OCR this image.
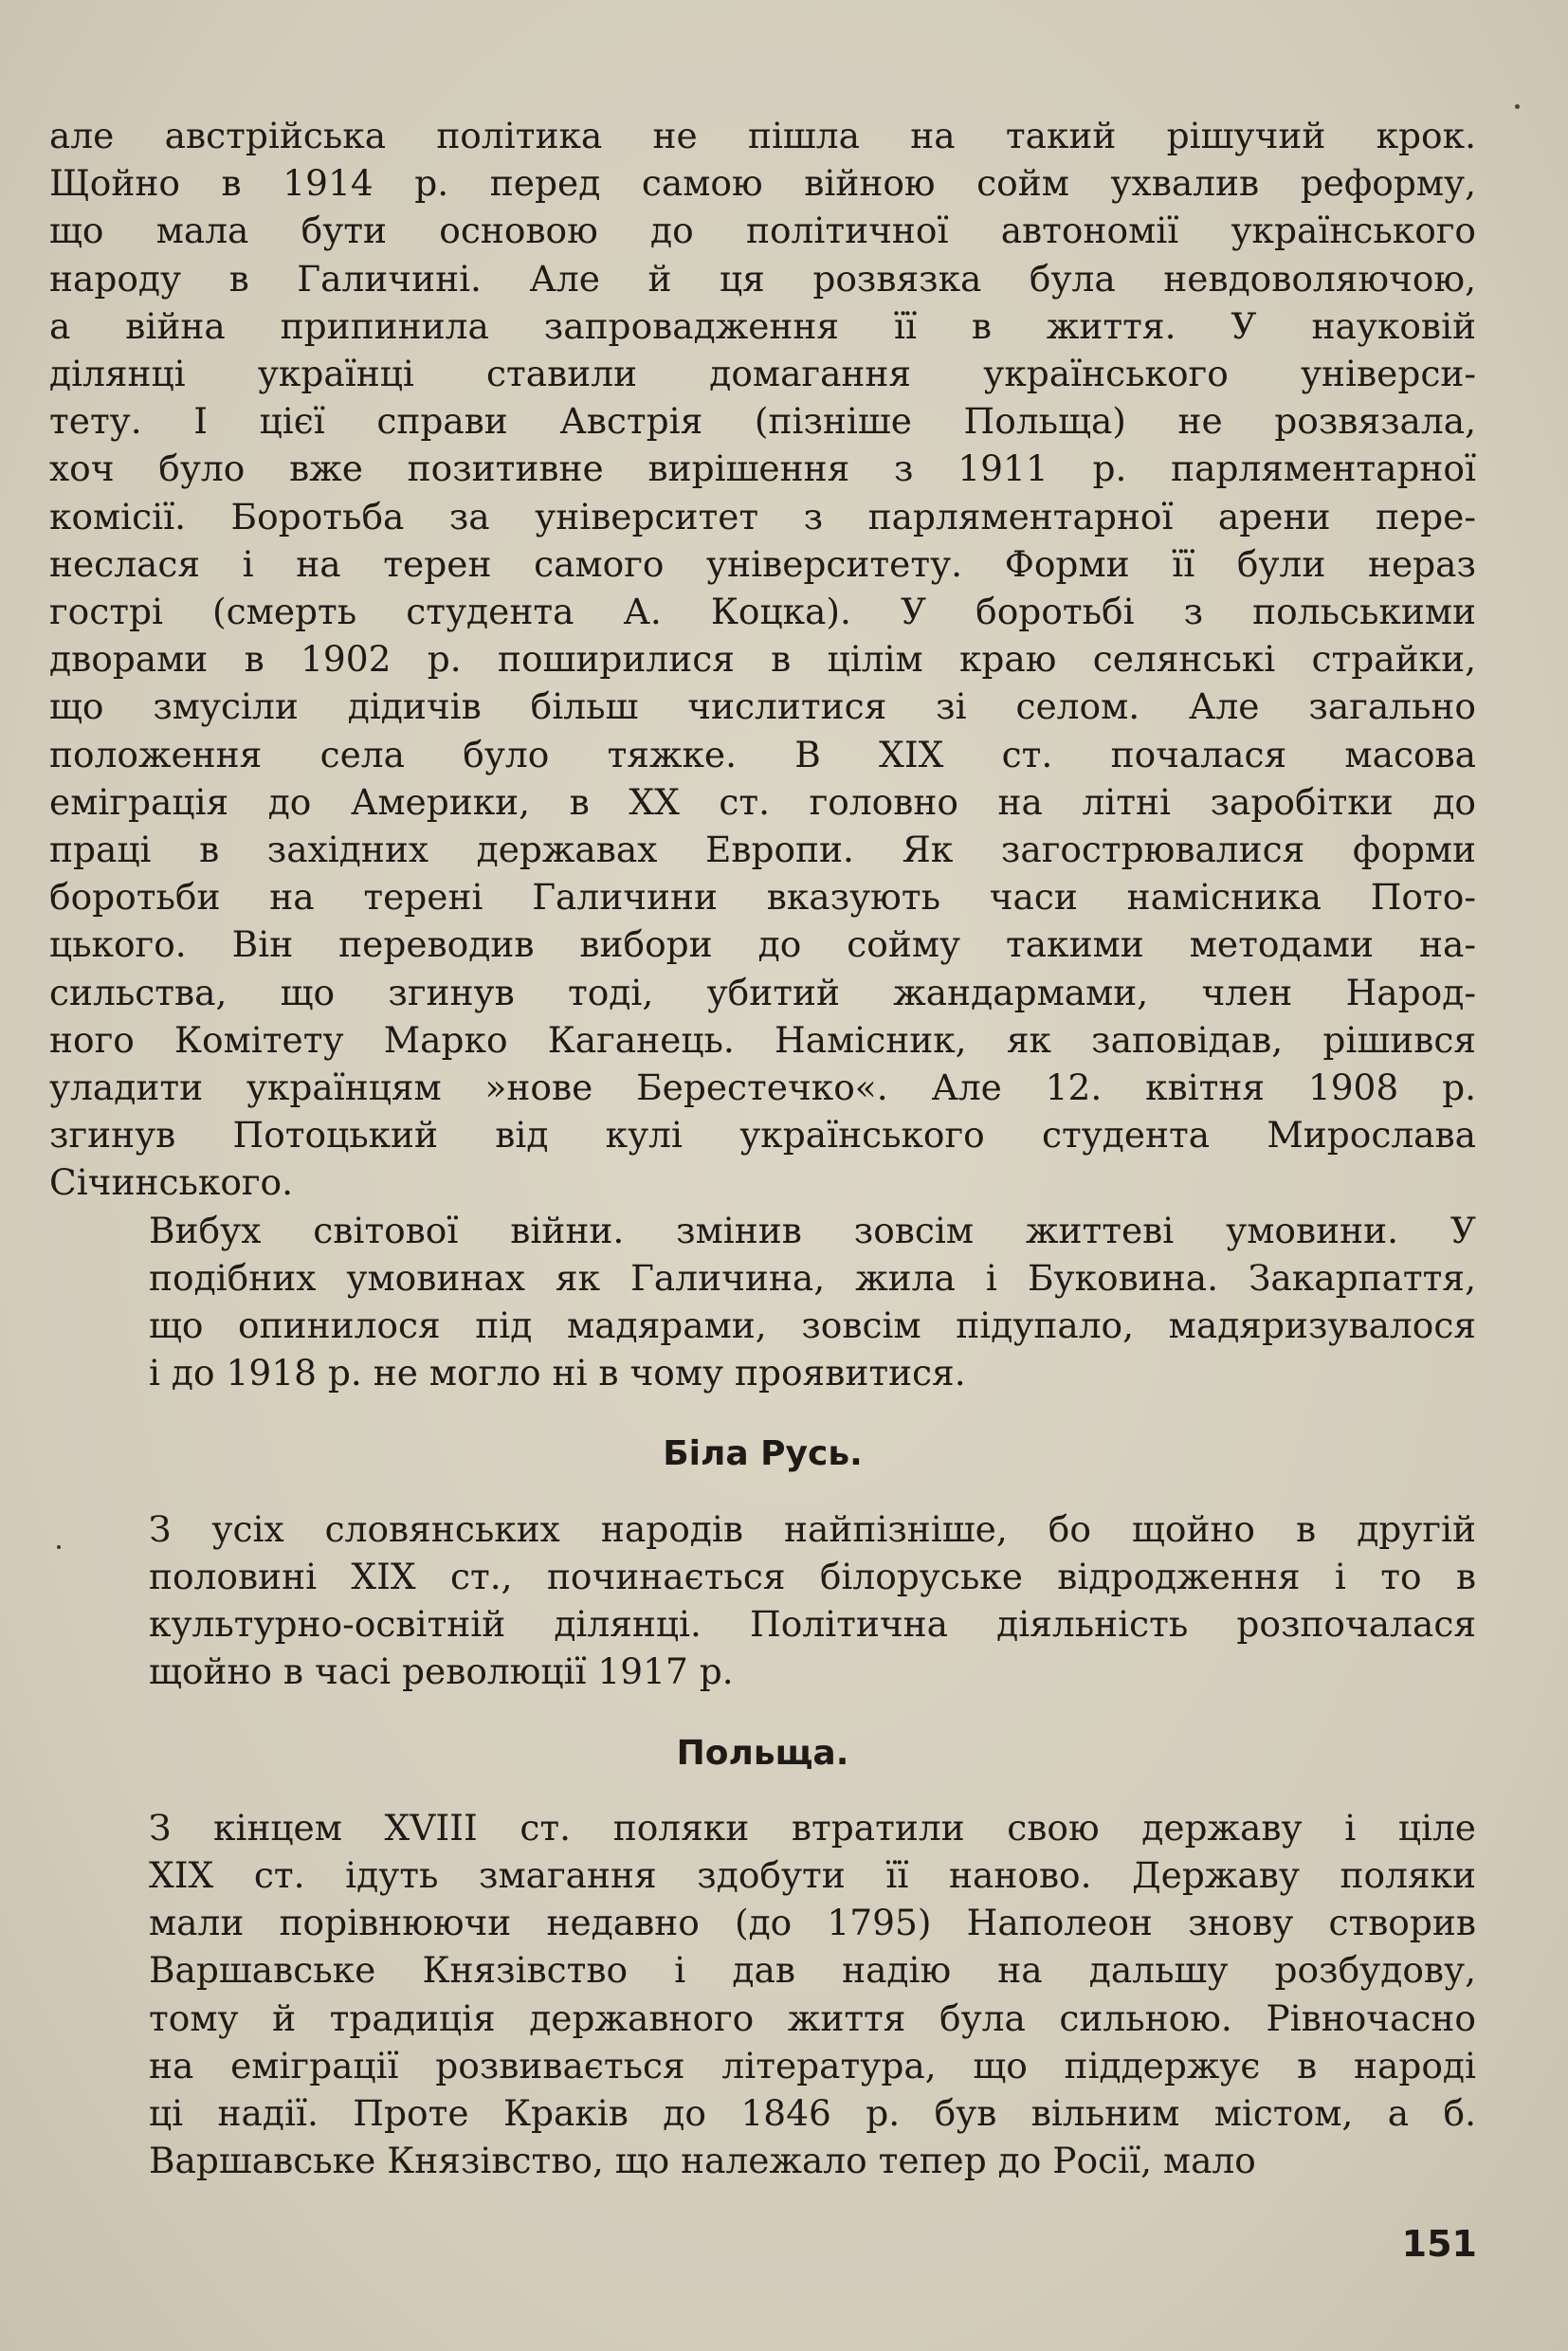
але австрійська політика не пішла на такий рішучий крок.
Щойно в 1914 р. перед самою війною сойм ухвалив реформу,
що мала бути основою до політичної автономії українського
народу в Галичині. Але й ця розвязка була невдоволяючою,
а війна припинила запровадження її в життя. У науковій
ділянці українці ставили домагання українського універси-
тету. І цієї справи Австрія (пізніше Польща) не розвязала,
хоч було вже позитивне вирішення з 1911 р. парляментарної
комісії. Боротьба за університет з парляментарної арени пере-
неслася і на терен самого університету. Форми її були нераз
гострі (смерть студента А. Коцка). У боротьбі з польськими
дворами в 1902 р. поширилися в цілім краю селянські страйки,
що змусіли дідичів більш числитися зі селом. Але загально
положення села було тяжке. В XIX ст. почалася масова
еміграція до Америки, в XX ст. головно на літні заробітки до
праці в західних державах Европи. Як загострювалися форми
боротьби на терені Галичини вказують часи намісника Пото-
цького. Він переводив вибори до сойму такими методами на-
сильства, що згинув тоді, убитий жандармами, член Народ-
ного Комітету Марко Каганець. Намісник, як заповідав, рішився
уладити українцям »нове Берестечко«. Але 12. квітня 1908 р.
згинув Потоцький від кулі українського студента Мирослава
Січинського.
Вибух світової війни. змінив зовсім життеві умовини. У
подібних умовинах як Галичина, жила і Буковина. Закарпаття,
що опинилося під мадярами, зовсім підупало, мадяризувалося
і до 1918 р. не могло ні в чому проявитися.
Біла Русь.
З усіх словянських народів найпізніше, бо щойно в другій
половині XIX ст., починається білоруське відродження і то в
культурно-освітній ділянці. Політична діяльність розпочалася
щойно в часі революції 1917 р.
Польща.
З кінцем XVIII ст. поляки втратили свою державу і ціле
XIX ст. ідуть змагання здобути її наново. Державу поляки
мали порівнюючи недавно (до 1795) Наполеон знову створив
Варшавське Князівство і дав надію на дальшу розбудову,
тому й традиція державного життя була сильною. Рівночасно
на еміграції розвивається література, що піддержує в народі
ці надії. Проте Краків до 1846 р. був вільним містом, а б.
Варшавське Князівство, що належало тепер до Росії, мало
151
